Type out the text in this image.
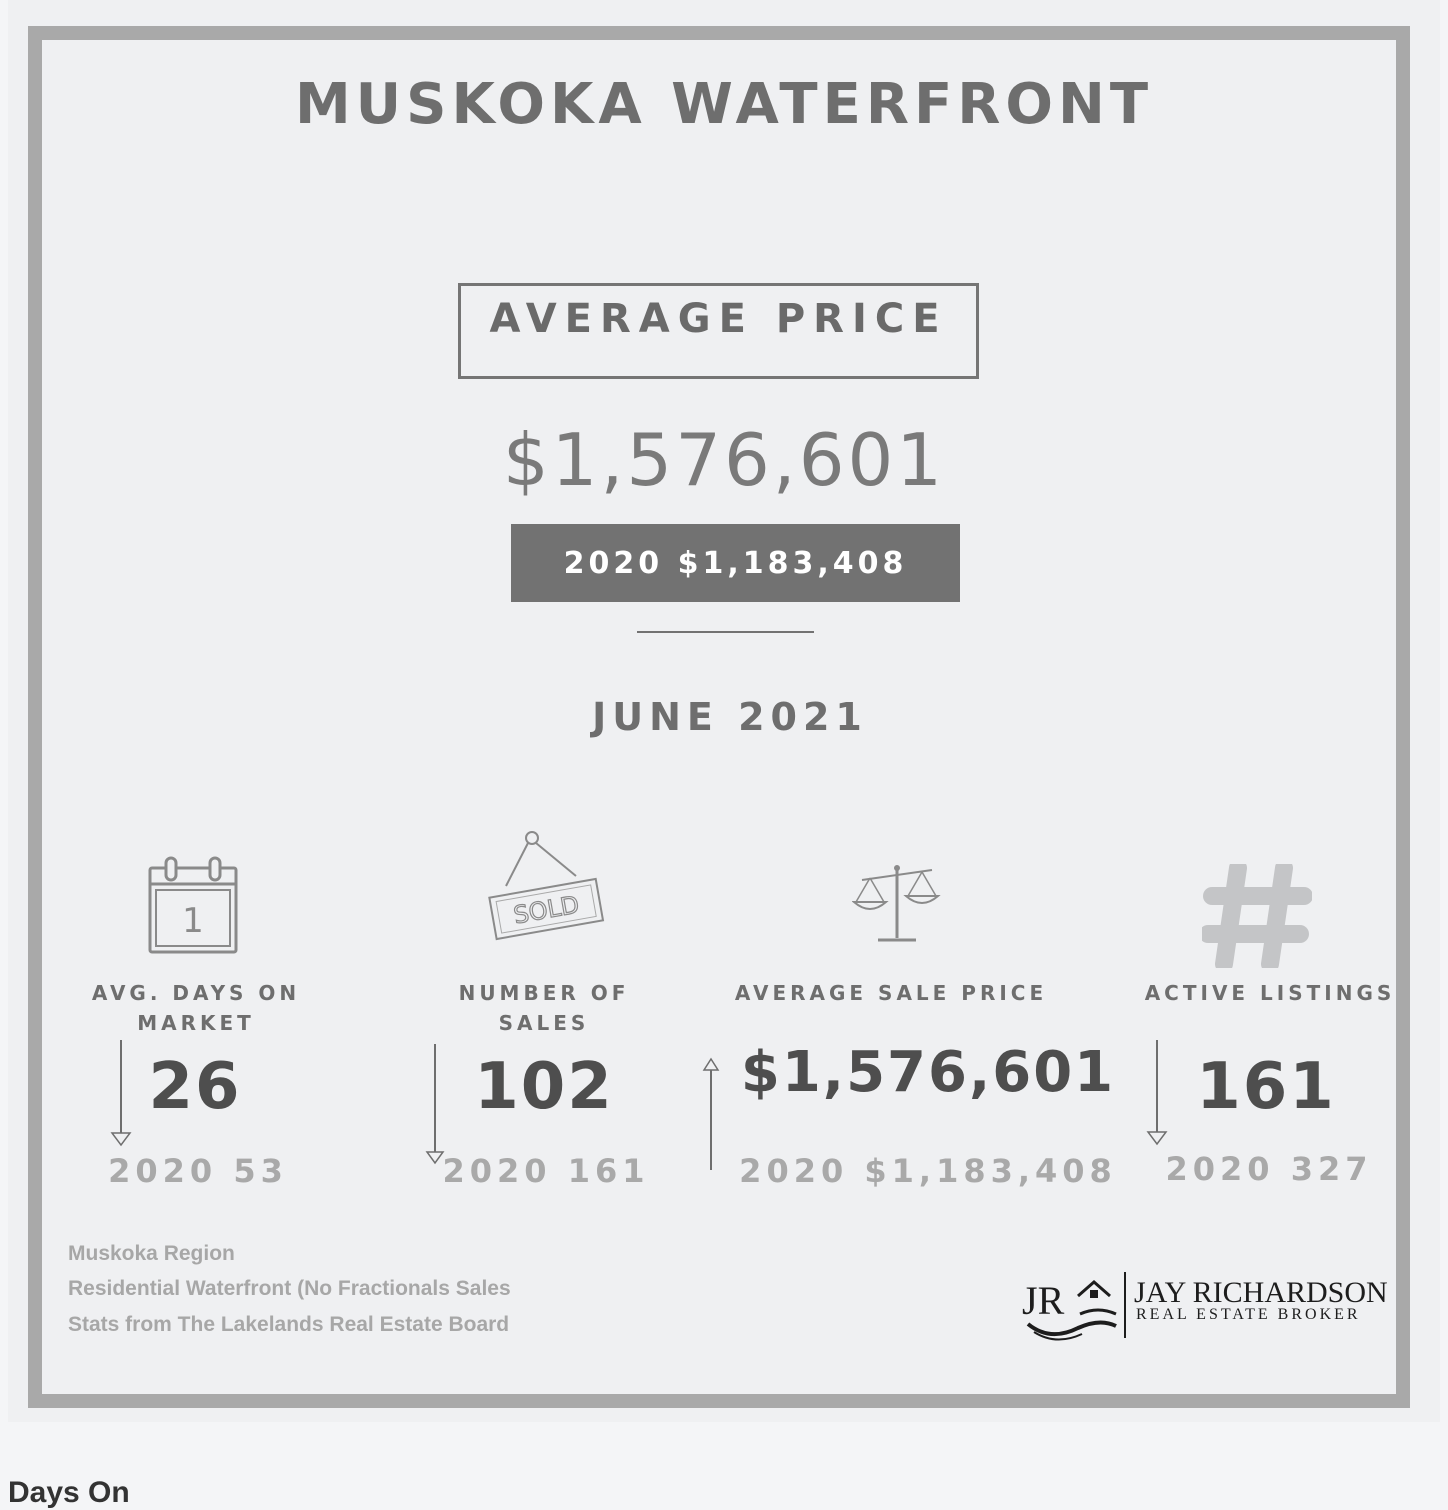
MUSKOKA WATERFRONT
AVERAGE PRICE
$1,576,601
2020 $1,183,408
JUNE 2021
1	SOLD
AVG. DAYS ON
MARKET
26
2020 53
NUMBER OF
SALES
102
2020 161
AVERAGE SALE PRICE
$1,576,601
2020 $1,183,408
ACTIVE LISTINGS
161
2020 327
Muskoka Region
Residential Waterfront (No Fractionals Sales
Stats from The Lakelands Real Estate Board
JR JAY RICHARDSON
REAL ESTATE BROKER
Days On
